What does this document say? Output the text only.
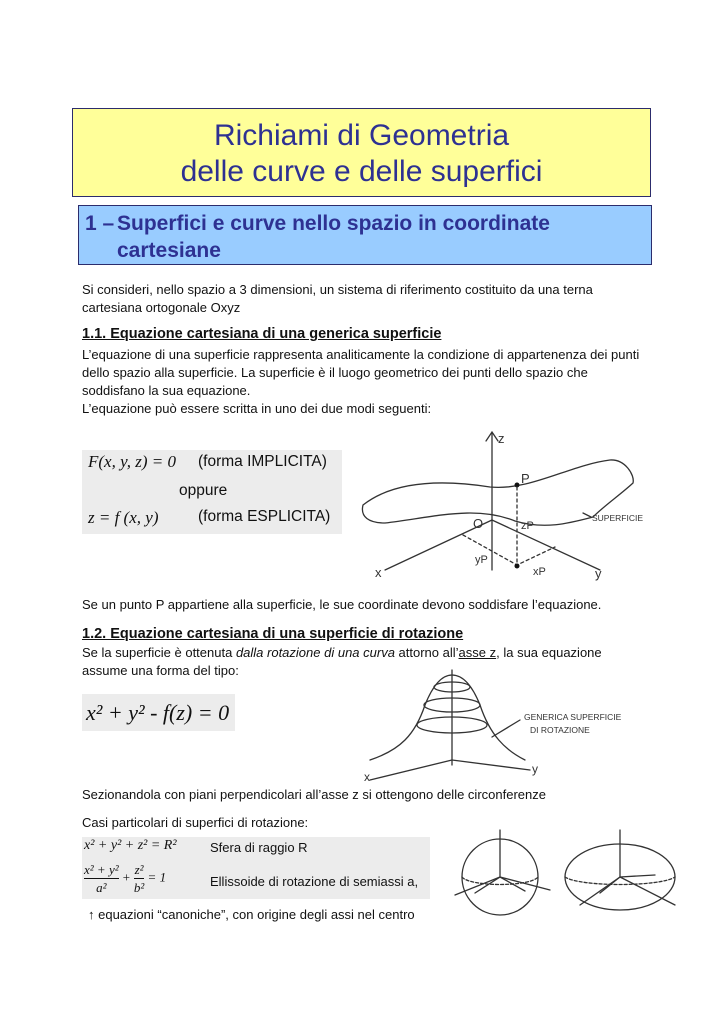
Richiami di Geometria
delle curve e delle superfici
1 – Superfici e curve nello spazio in coordinate
cartesiane
Si consideri, nello spazio a 3 dimensioni, un sistema di riferimento costituito da una terna cartesiana ortogonale Oxyz
1.1. Equazione cartesiana di una generica superficie
L’equazione di una superficie rappresenta analiticamente la condizione di appartenenza dei punti dello spazio alla superficie. La superficie è il luogo geometrico dei punti dello spazio che soddisfano la sua equazione.
L’equazione può essere scritta in uno dei due modi seguenti:
F(x, y, z) = 0 (forma IMPLICITA)
oppure
z = f (x, y)	(forma ESPLICITA)
z
x	y
P
O	zP
yP
xP
SUPERFICIE
Se un punto P appartiene alla superficie, le sue coordinate devono soddisfare l’equazione.
1.2. Equazione cartesiana di una superficie di rotazione
Se la superficie è ottenuta dalla rotazione di una curva attorno all’asse z, la sua equazione assume una forma del tipo:
x² + y² - f(z) = 0
x
y
GENERICA SUPERFICIE
DI ROTAZIONE
Sezionandola con piani perpendicolari all’asse z si ottengono delle circonferenze
Casi particolari di superfici di rotazione:
x² + y² + z² = R²	Sfera di raggio R
$\frac{\text{x² + y²}}{\text{a²}} + \frac{\text{z²}}{\text{b²}} = 1$	Ellissoide di rotazione di semiassi a,
↑ equazioni “canoniche”, con origine degli assi nel centro
